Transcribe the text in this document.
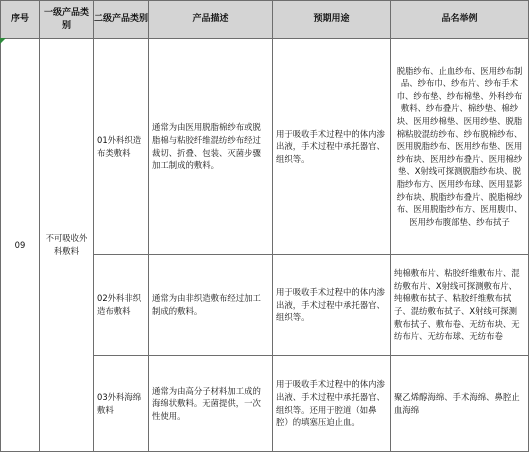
序号	一级产品类别	二级产品类别	产品描述	预期用途	品名举例
09	不可吸收外科敷料	01外科织造布类敷料	通常为由医用脱脂棉纱布或脱脂棉与粘胶纤维混纺纱布经过裁切、折叠、包装、灭菌步骤加工制成的敷料。	用于吸收手术过程中的体内渗出液，手术过程中承托器官、组织等。	脱脂纱布、止血纱布、医用纱布制品、纱布巾、纱布片、纱布手术巾、纱布垫、纱布棉垫、外科纱布敷料、纱布叠片、棉纱垫、棉纱块、医用纱棉垫、医用纱垫、脱脂棉粘胶混纺纱布、纱布脱棉纱布、医用脱脂纱布、医用纱布垫、医用纱布块、医用纱布叠片、医用棉纱垫、X射线可探测脱脂纱布块、脱脂纱布方、医用纱布球、医用显影纱布块、脱脂纱布叠片、脱脂棉纱布、医用脱脂纱布方、医用腹巾、医用纱布腹部垫、纱布拭子
		02外科非织造布敷料	通常为由非织造敷布经过加工制成的敷料。	用于吸收手术过程中的体内渗出液，手术过程中承托器官、组织等。	纯棉敷布片、粘胶纤维敷布片、混纺敷布片、X射线可探测敷布片、纯棉敷布拭子、粘胶纤维敷布拭子、混纺敷布拭子、X射线可探测敷布拭子、敷布卷、无纺布块、无纺布片、无纺布球、无纺布卷
		03外科海绵敷料	通常为由高分子材料加工成的海绵状敷料。无菌提供，一次性使用。	用于吸收手术过程中的体内渗出液、手术过程中承托器官、组织等。还用于腔道（如鼻腔）的填塞压迫止血。	聚乙烯醇海绵、手术海绵、鼻腔止血海绵
